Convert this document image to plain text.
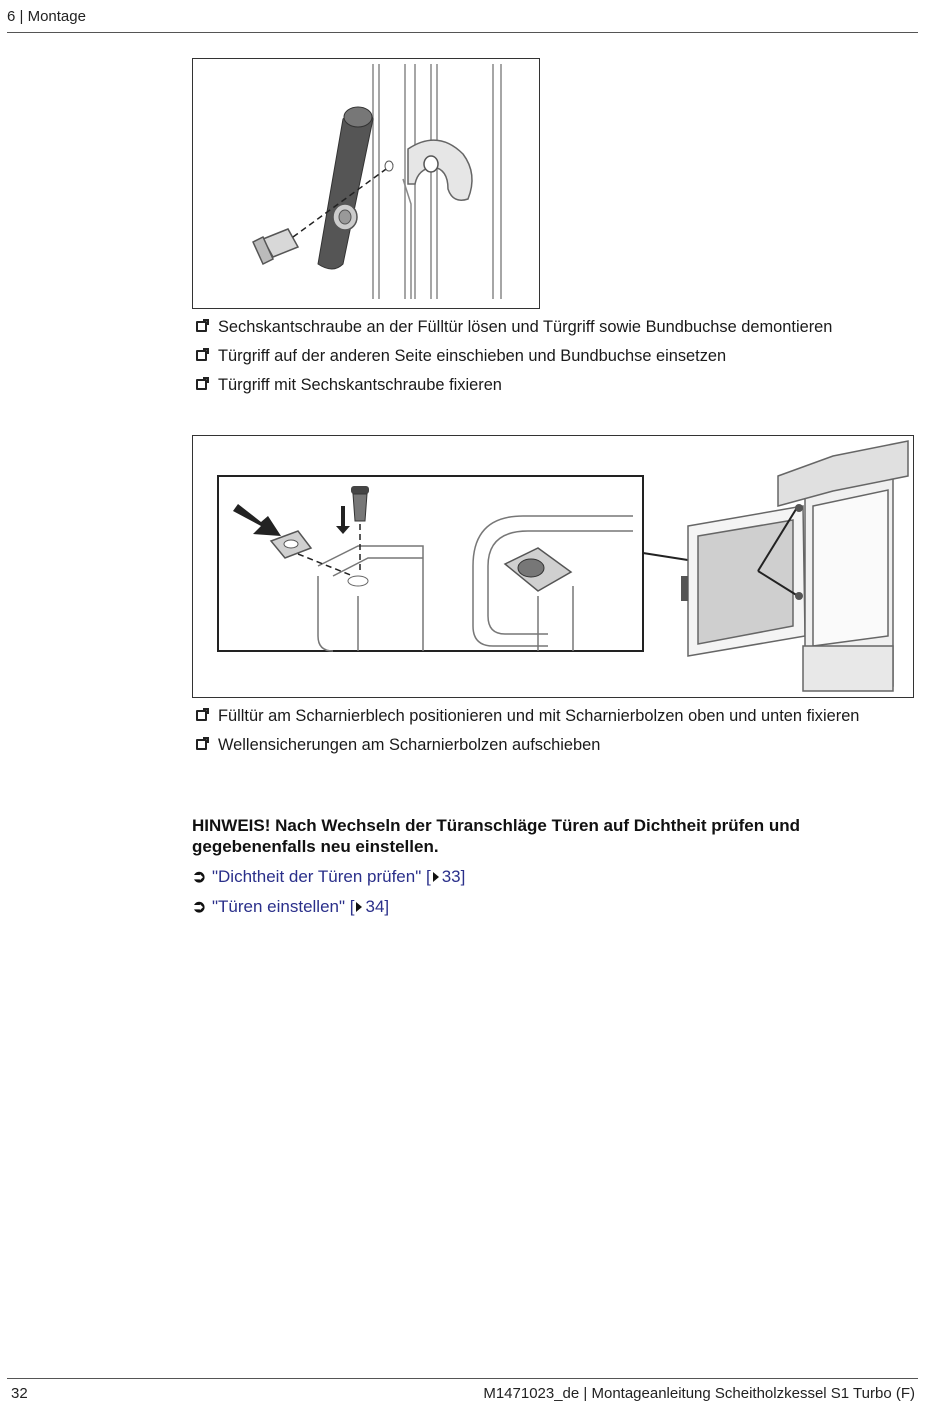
6 | Montage
Sechskantschraube an der Fülltür lösen und Türgriff sowie Bundbuchse demontieren
Türgriff auf der anderen Seite einschieben und Bundbuchse einsetzen
Türgriff mit Sechskantschraube fixieren
Fülltür am Scharnierblech positionieren und mit Scharnierbolzen oben und unten fixieren
Wellensicherungen am Scharnierbolzen aufschieben
HINWEIS! Nach Wechseln der Türanschläge Türen auf Dichtheit prüfen und gegebenenfalls neu einstellen.
➲ "Dichtheit der Türen prüfen" [ 33]
➲ "Türen einstellen" [ 34]
32	M1471023_de | Montageanleitung Scheitholzkessel S1 Turbo (F)
